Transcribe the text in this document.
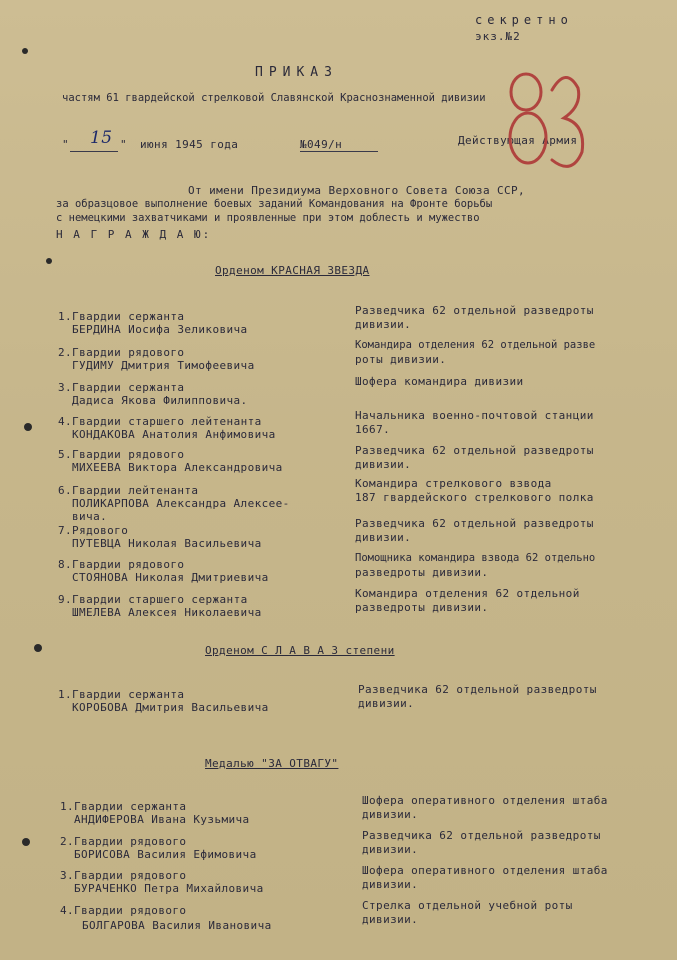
секретно
экз.№2
ПРИКАЗ
частям 61 гвардейской стрелковой Славянской Краснознаменной дивизии
" 15 " июня 1945 года	№049/н	Действующая Армия
От имени Президиума Верховного Совета Союза ССР,
за образцовое выполнение боевых заданий Командования на Фронте борьбы
с немецкими захватчиками и проявленные при этом доблесть и мужество
Н А Г Р А Ж Д А Ю:
Орденом КРАСНАЯ ЗВЕЗДА
1.Гвардии сержанта
БЕРДИНА Иосифа Зеликовича
Разведчика 62 отдельной разведроты
дивизии.
2.Гвардии рядового
ГУДИМУ Дмитрия Тимофеевича
Командира отделения 62 отдельной разве
роты дивизии.
3.Гвардии сержанта
Дадиса Якова Филипповича.
Шофера командира дивизии
4.Гвардии старшего лейтенанта
КОНДАКОВА Анатолия Анфимовича
Начальника военно-почтовой станции
1667.
5.Гвардии рядового
МИХЕЕВА Виктора Александровича
Разведчика 62 отдельной разведроты
дивизии.
6.Гвардии лейтенанта
ПОЛИКАРПОВА Александра Алексее-
вича.
Командира стрелкового взвода
187 гвардейского стрелкового полка
7.Рядового
ПУТЕВЦА Николая Васильевича
Разведчика 62 отдельной разведроты
дивизии.
8.Гвардии рядового
СТОЯНОВА Николая Дмитриевича
Помощника командира взвода 62 отдельно
разведроты дивизии.
9.Гвардии старшего сержанта
ШМЕЛЕВА Алексея Николаевича
Командира отделения 62 отдельной
разведроты дивизии.
Орденом С Л А В А 3 степени
1.Гвардии сержанта
КОРОБОВА Дмитрия Васильевича
Разведчика 62 отдельной разведроты
дивизии.
Медалью "ЗА ОТВАГУ"
1.Гвардии сержанта
АНДИФЕРОВА Ивана Кузьмича
Шофера оперативного отделения штаба
дивизии.
2.Гвардии рядового
БОРИСОВА Василия Ефимовича
Разведчика 62 отдельной разведроты
дивизии.
3.Гвардии рядового
БУРАЧЕНКО Петра Михайловича
Шофера оперативного отделения штаба
дивизии.
4.Гвардии рядового
БОЛГАРОВА Василия Ивановича
Стрелка отдельной учебной роты
дивизии.
